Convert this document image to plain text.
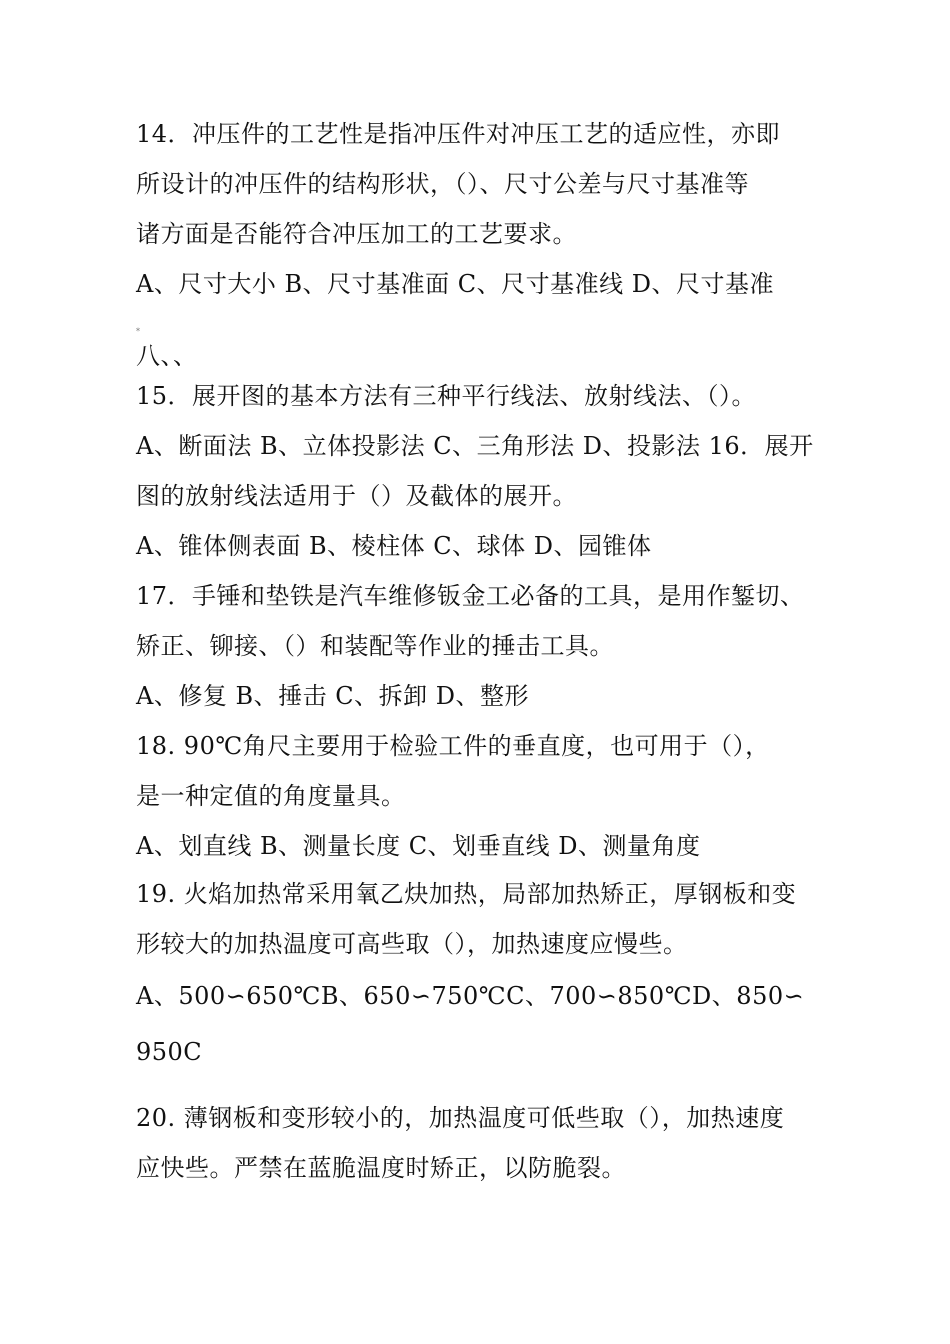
14．冲压件的工艺性是指冲压件对冲压工艺的适应性，亦即
所设计的冲压件的结构形状，（）、尺寸公差与尺寸基准等
诸方面是否能符合冲压加工的工艺要求。
A、尺寸大小 B、尺寸基准面 C、尺寸基准线 D、尺寸基准
*
八、、
15．展开图的基本方法有三种平行线法、放射线法、（）。
A、断面法 B、立体投影法 C、三角形法 D、投影法 16．展开
图的放射线法适用于（）及截体的展开。
A、锥体侧表面 B、棱柱体 C、球体 D、园锥体
17．手锤和垫铁是汽车维修钣金工必备的工具，是用作錾切、
矫正、铆接、（）和装配等作业的捶击工具。
A、修复 B、捶击 C、拆卸 D、整形
18. 90℃角尺主要用于检验工件的垂直度，也可用于（），
是一种定值的角度量具。
A、划直线 B、测量长度 C、划垂直线 D、测量角度
19. 火焰加热常采用氧乙炔加热，局部加热矫正，厚钢板和变
形较大的加热温度可高些取（），加热速度应慢些。
A、500∽650℃B、650∽750℃C、700∽850℃D、850∽
950C
20. 薄钢板和变形较小的，加热温度可低些取（），加热速度
应快些。严禁在蓝脆温度时矫正，以防脆裂。
